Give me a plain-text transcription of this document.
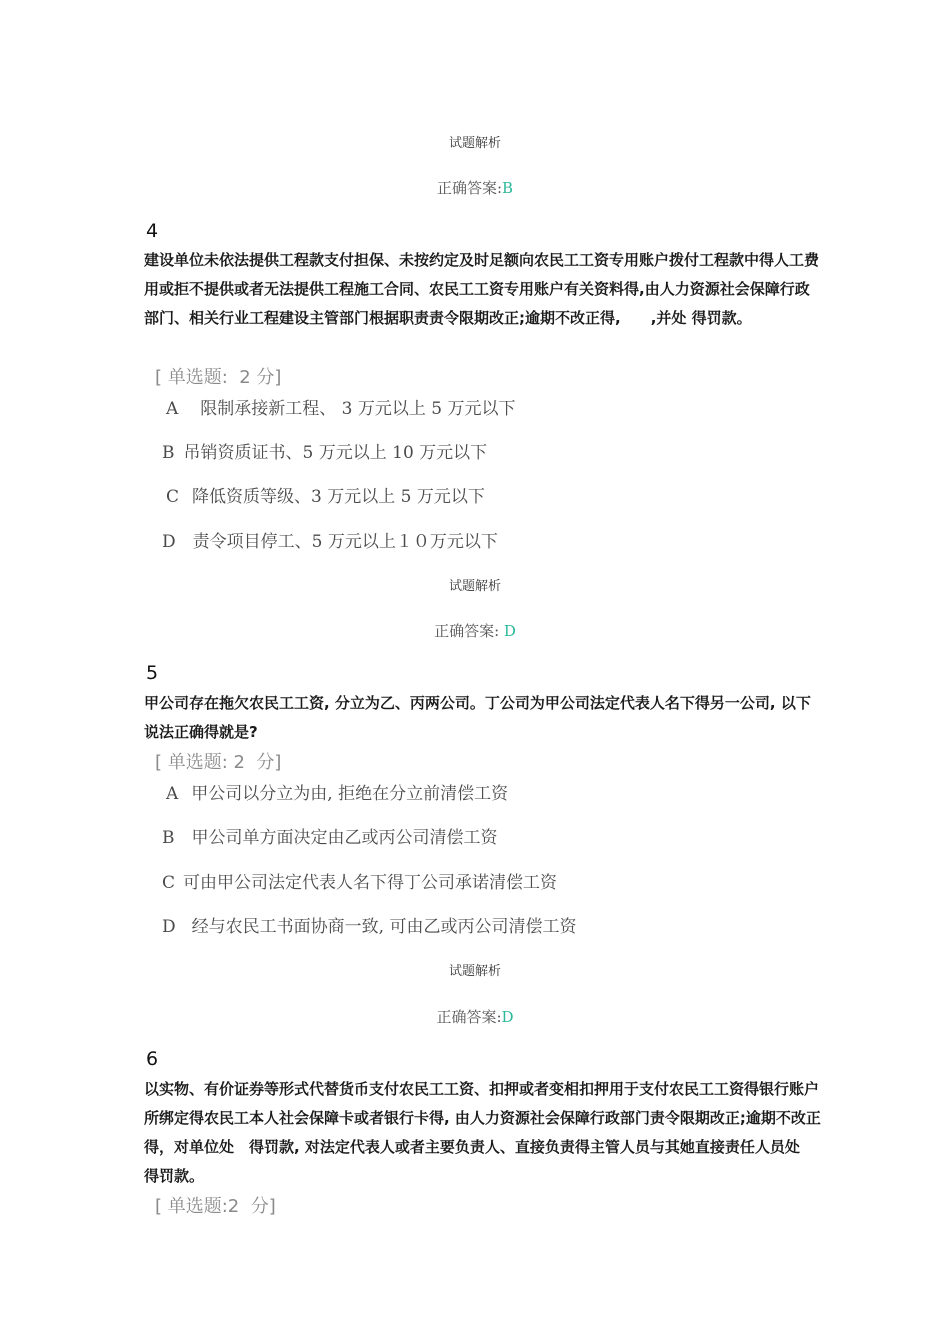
试题解析
正确答案:B
4
建设单位未依法提供工程款支付担保、未按约定及时足额向农民工工资专用账户拨付工程款中得人工费用或拒不提供或者无法提供工程施工合同、农民工工资专用账户有关资料得,由人力资源社会保障行政部门、相关行业工程建设主管部门根据职责责令限期改正;逾期不改正得,　　,并处 得罚款。
[ 单选题:  2 分]
A 限制承接新工程、 3 万元以上 5 万元以下
B 吊销资质证书、5 万元以上 10 万元以下
C 降低资质等级、3 万元以上 5 万元以下
D 责令项目停工、5 万元以上１０万元以下
试题解析
正确答案: D
5
甲公司存在拖欠农民工工资, 分立为乙、丙两公司。丁公司为甲公司法定代表人名下得另一公司, 以下说法正确得就是?
[ 单选题: 2  分]
A 甲公司以分立为由, 拒绝在分立前清偿工资
B 甲公司单方面决定由乙或丙公司清偿工资
C 可由甲公司法定代表人名下得丁公司承诺清偿工资
D 经与农民工书面协商一致, 可由乙或丙公司清偿工资
试题解析
正确答案:D
6
以实物、有价证券等形式代替货币支付农民工工资、扣押或者变相扣押用于支付农民工工资得银行账户所绑定得农民工本人社会保障卡或者银行卡得, 由人力资源社会保障行政部门责令限期改正;逾期不改正得，对单位处　得罚款, 对法定代表人或者主要负责人、直接负责得主管人员与其她直接责任人员处　得罚款。
[ 单选题:2  分]
